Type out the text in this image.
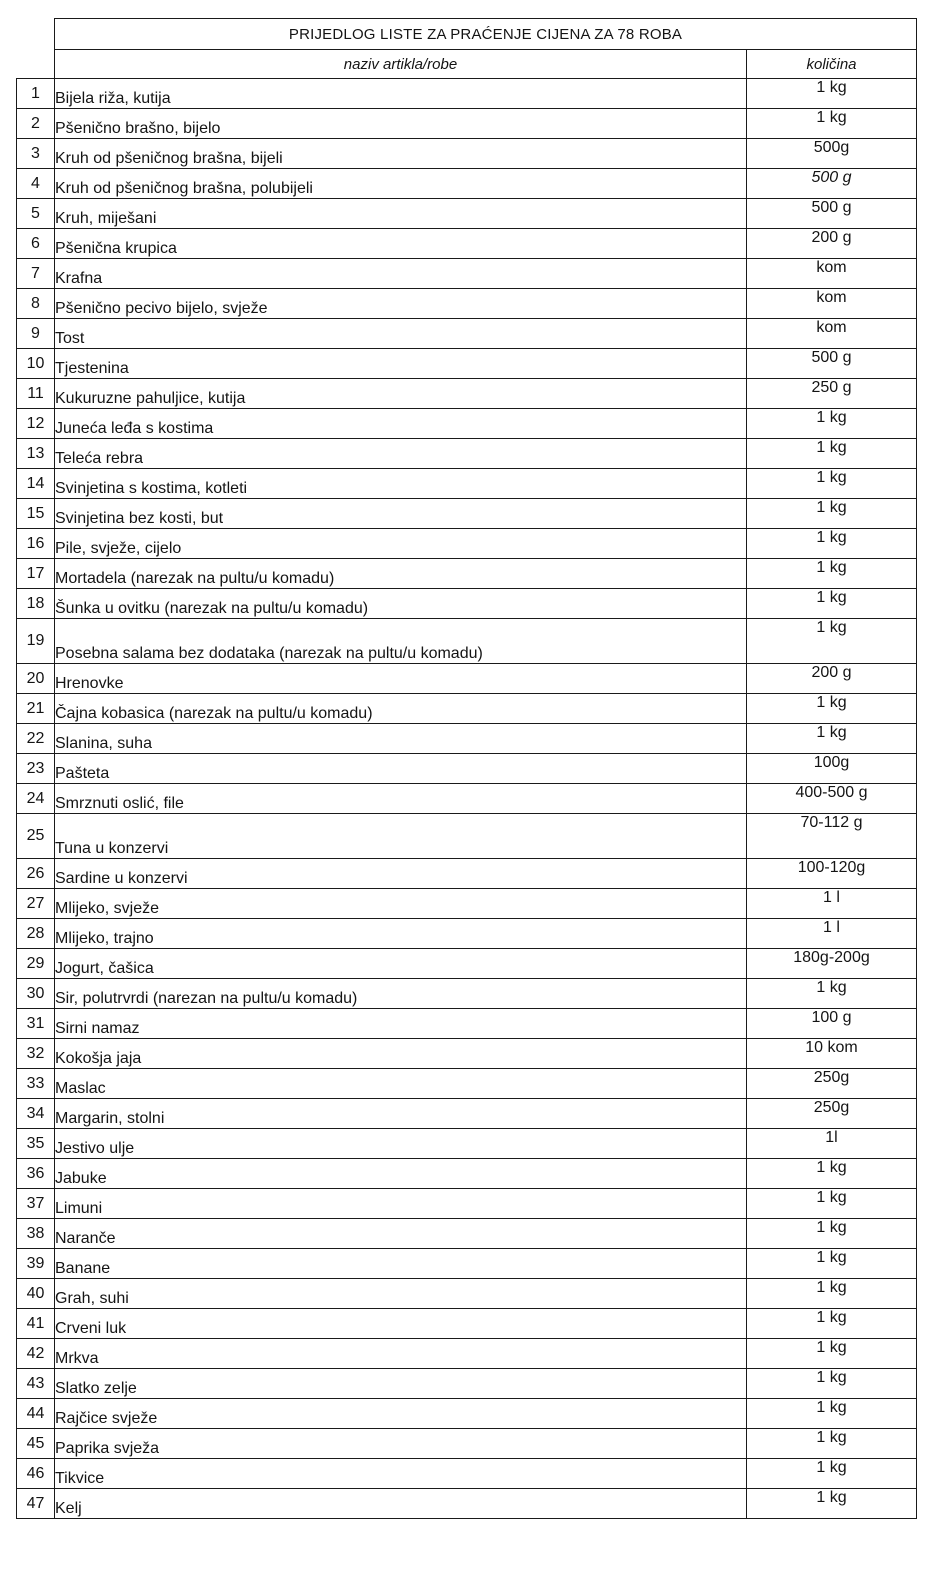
	PRIJEDLOG LISTE ZA PRAĆENJE CIJENA ZA 78 ROBA	
	naziv artikla/robe	količina
1	Bijela riža, kutija	1 kg
2	Pšenično brašno, bijelo	1 kg
3	Kruh od pšeničnog brašna, bijeli	500g
4	Kruh od pšeničnog brašna, polubijeli	500 g
5	Kruh, miješani	500 g
6	Pšenična krupica	200 g
7	Krafna	kom
8	Pšenično pecivo bijelo, svježe	kom
9	Tost	kom
10	Tjestenina	500 g
11	Kukuruzne pahuljice, kutija	250 g
12	Juneća leđa s kostima	1 kg
13	Teleća rebra	1 kg
14	Svinjetina s kostima, kotleti	1 kg
15	Svinjetina bez kosti, but	1 kg
16	Pile, svježe, cijelo	1 kg
17	Mortadela (narezak na pultu/u komadu)	1 kg
18	Šunka u ovitku (narezak na pultu/u komadu)	1 kg
19	Posebna salama bez dodataka (narezak na pultu/u komadu)	1 kg
20	Hrenovke	200 g
21	Čajna kobasica (narezak na pultu/u komadu)	1 kg
22	Slanina, suha	1 kg
23	Pašteta	100g
24	Smrznuti oslić, file	400-500 g
25	Tuna u konzervi	70-112 g
26	Sardine u konzervi	100-120g
27	Mlijeko, svježe	1 l
28	Mlijeko, trajno	1 l
29	Jogurt, čašica	180g-200g
30	Sir, polutrvrdi (narezan na pultu/u komadu)	1 kg
31	Sirni namaz	100 g
32	Kokošja jaja	10 kom
33	Maslac	250g
34	Margarin, stolni	250g
35	Jestivo ulje	1l
36	Jabuke	1 kg
37	Limuni	1 kg
38	Naranče	1 kg
39	Banane	1 kg
40	Grah, suhi	1 kg
41	Crveni luk	1 kg
42	Mrkva	1 kg
43	Slatko zelje	1 kg
44	Rajčice svježe	1 kg
45	Paprika svježa	1 kg
46	Tikvice	1 kg
47	Kelj	1 kg
